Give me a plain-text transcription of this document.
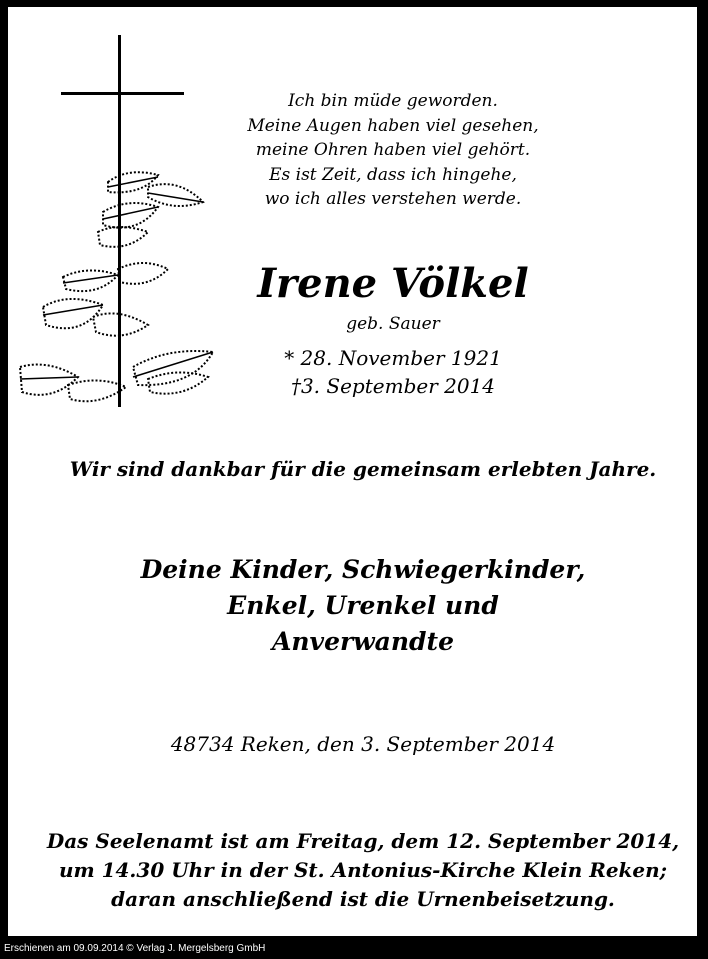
Ich bin müde geworden.
Meine Augen haben viel gesehen,
meine Ohren haben viel gehört.
Es ist Zeit, dass ich hingehe,
wo ich alles verstehen werde.
Irene Völkel
geb. Sauer
* 28. November 1921
†3. September 2014
Wir sind dankbar für die gemeinsam erlebten Jahre.
Deine Kinder, Schwiegerkinder,
Enkel, Urenkel und
Anverwandte
48734 Reken, den 3. September 2014
Das Seelenamt ist am Freitag, dem 12. September 2014,
um 14.30 Uhr in der St. Antonius-Kirche Klein Reken;
daran anschließend ist die Urnenbeisetzung.
Erschienen am 09.09.2014 © Verlag J. Mergelsberg GmbH
